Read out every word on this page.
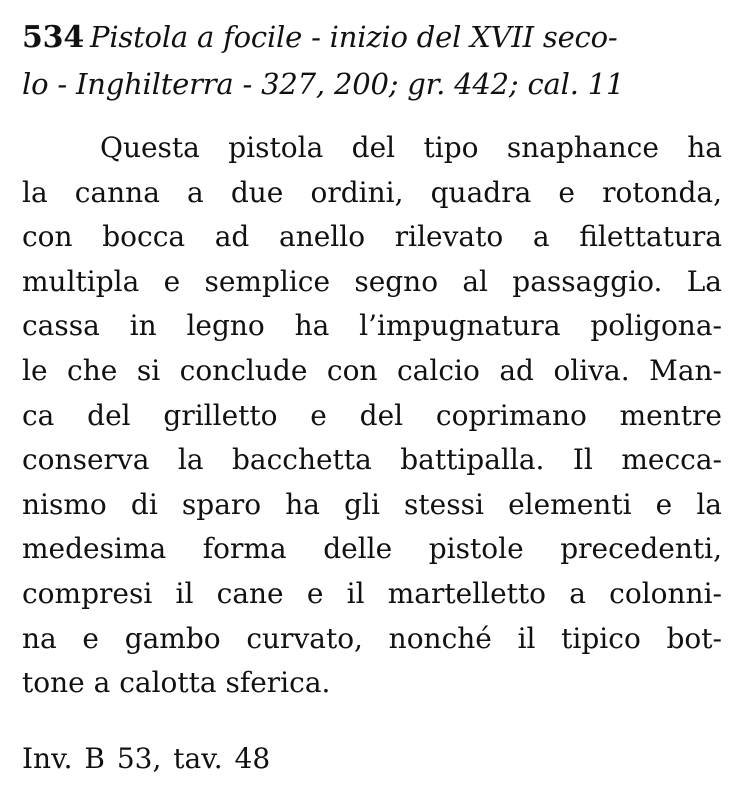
534 Pistola a focile - inizio del XVII seco-
lo - Inghilterra - 327, 200; gr. 442; cal. 11
Questa pistola del tipo snaphance ha
la canna a due ordini, quadra e rotonda,
con bocca ad anello rilevato a filettatura
multipla e semplice segno al passaggio. La
cassa in legno ha l’impugnatura poligona-
le che si conclude con calcio ad oliva. Man-
ca del grilletto e del coprimano mentre
conserva la bacchetta battipalla. Il mecca-
nismo di sparo ha gli stessi elementi e la
medesima forma delle pistole precedenti,
compresi il cane e il martelletto a colonni-
na e gambo curvato, nonché il tipico bot-
tone a calotta sferica.

Inv. B 53, tav. 48
